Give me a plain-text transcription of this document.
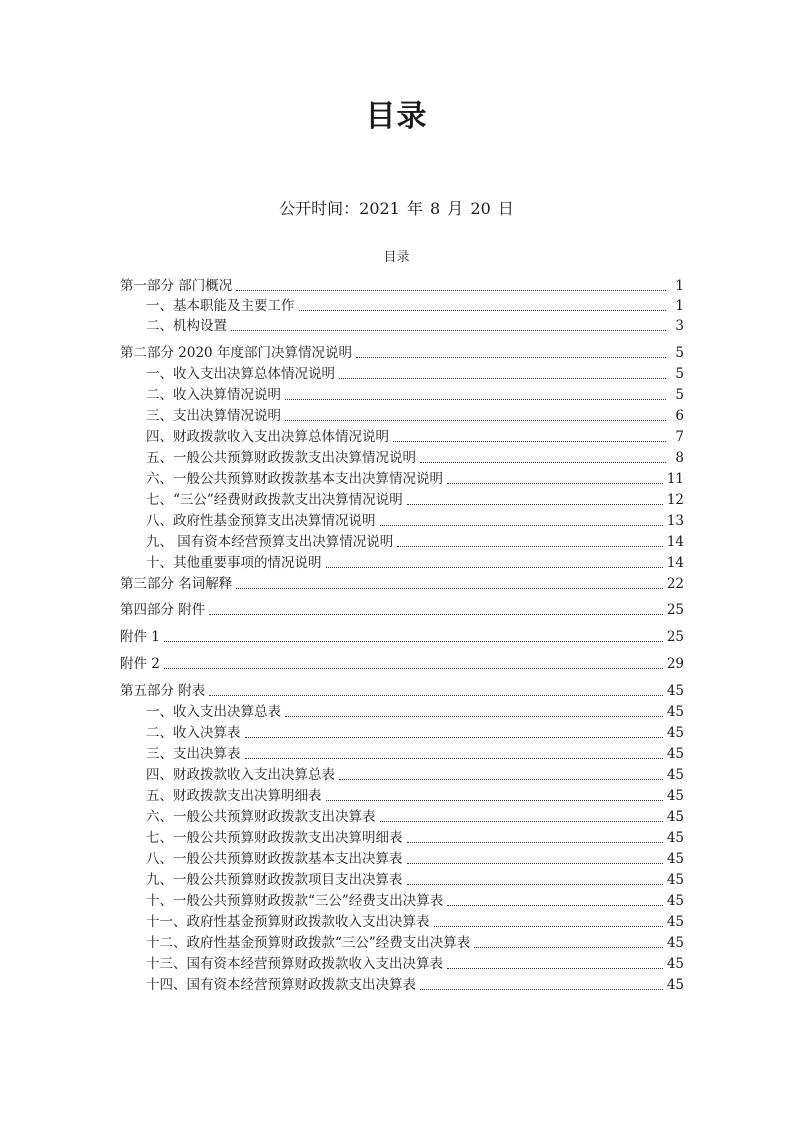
目录
公开时间：2021 年 8 月 20 日
目录
第一部分 部门概况	1
一、基本职能及主要工作	1
二、机构设置	3
第二部分 2020 年度部门决算情况说明	5
一、收入支出决算总体情况说明	5
二、收入决算情况说明	5
三、支出决算情况说明	6
四、财政拨款收入支出决算总体情况说明	7
五、一般公共预算财政拨款支出决算情况说明	8
六、一般公共预算财政拨款基本支出决算情况说明	11
七、“三公”经费财政拨款支出决算情况说明	12
八、政府性基金预算支出决算情况说明	13
九、 国有资本经营预算支出决算情况说明	14
十、其他重要事项的情况说明	14
第三部分 名词解释	22
第四部分 附件	25
附件 1	25
附件 2	29
第五部分 附表	45
一、收入支出决算总表	45
二、收入决算表	45
三、支出决算表	45
四、财政拨款收入支出决算总表	45
五、财政拨款支出决算明细表	45
六、一般公共预算财政拨款支出决算表	45
七、一般公共预算财政拨款支出决算明细表	45
八、一般公共预算财政拨款基本支出决算表	45
九、一般公共预算财政拨款项目支出决算表	45
十、一般公共预算财政拨款“三公”经费支出决算表	45
十一、政府性基金预算财政拨款收入支出决算表	45
十二、政府性基金预算财政拨款“三公”经费支出决算表	45
十三、国有资本经营预算财政拨款收入支出决算表	45
十四、国有资本经营预算财政拨款支出决算表	45
